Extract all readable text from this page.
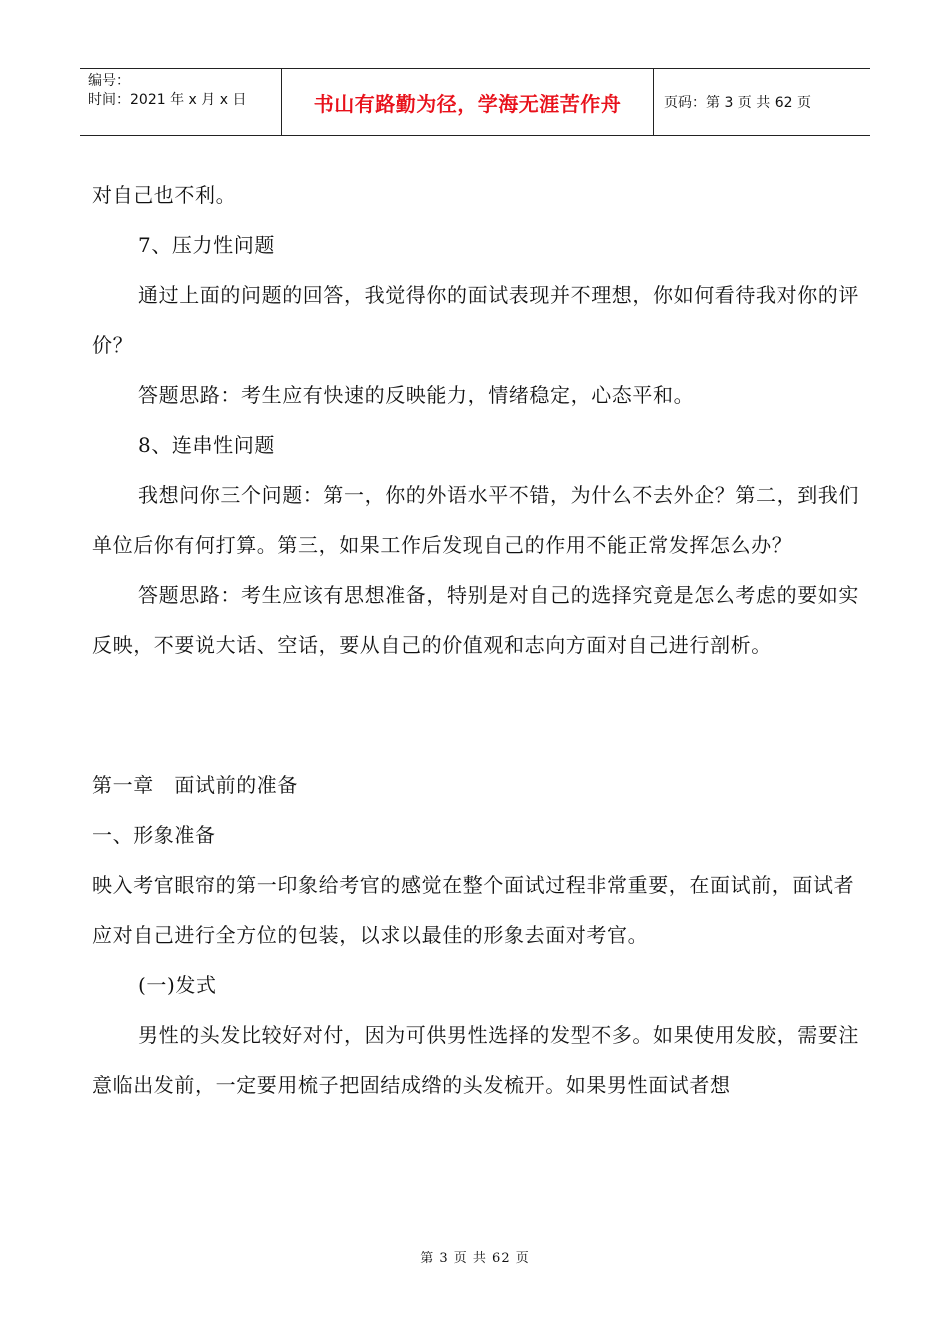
编号：
时间：2021 年 x 月 x 日	书山有路勤为径，学海无涯苦作舟	页码：第 3 页 共 62 页

对自己也不利。

7、压力性问题

通过上面的问题的回答，我觉得你的面试表现并不理想，你如何看待我对你的评价？

答题思路：考生应有快速的反映能力，情绪稳定，心态平和。

8、连串性问题

我想问你三个问题：第一，你的外语水平不错，为什么不去外企？第二，到我们单位后你有何打算。第三，如果工作后发现自己的作用不能正常发挥怎么办？

答题思路：考生应该有思想准备，特别是对自己的选择究竟是怎么考虑的要如实反映，不要说大话、空话，要从自己的价值观和志向方面对自己进行剖析。

第一章　面试前的准备

一、形象准备

映入考官眼帘的第一印象给考官的感觉在整个面试过程非常重要，在面试前，面试者应对自己进行全方位的包装，以求以最佳的形象去面对考官。

(一)发式

男性的头发比较好对付，因为可供男性选择的发型不多。如果使用发胶，需要注意临出发前，一定要用梳子把固结成绺的头发梳开。如果男性面试者想

第 3 页 共 62 页
